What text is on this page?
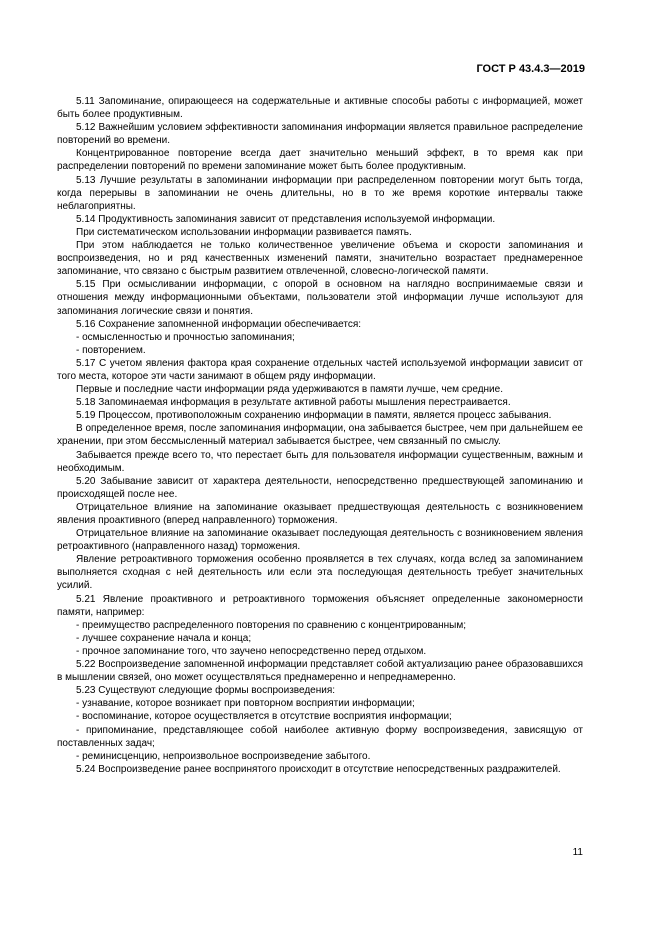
ГОСТ Р 43.4.3—2019

5.11 Запоминание, опирающееся на содержательные и активные способы работы с информацией, может быть более продуктивным.

5.12 Важнейшим условием эффективности запоминания информации является правильное распределение повторений во времени.

Концентрированное повторение всегда дает значительно меньший эффект, в то время как при распределении повторений по времени запоминание может быть более продуктивным.

5.13 Лучшие результаты в запоминании информации при распределенном повторении могут быть тогда, когда перерывы в запоминании не очень длительны, но в то же время короткие интервалы также неблагоприятны.

5.14 Продуктивность запоминания зависит от представления используемой информации.

При систематическом использовании информации развивается память.

При этом наблюдается не только количественное увеличение объема и скорости запоминания и воспроизведения, но и ряд качественных изменений памяти, значительно возрастает преднамеренное запоминание, что связано с быстрым развитием отвлеченной, словесно-логической памяти.

5.15 При осмысливании информации, с опорой в основном на наглядно воспринимаемые связи и отношения между информационными объектами, пользователи этой информации лучше используют для запоминания логические связи и понятия.

5.16 Сохранение запомненной информации обеспечивается:

- осмысленностью и прочностью запоминания;

- повторением.

5.17 С учетом явления фактора края сохранение отдельных частей используемой информации зависит от того места, которое эти части занимают в общем ряду информации.

Первые и последние части информации ряда удерживаются в памяти лучше, чем средние.

5.18 Запоминаемая информация в результате активной работы мышления перестраивается.

5.19 Процессом, противоположным сохранению информации в памяти, является процесс забывания.

В определенное время, после запоминания информации, она забывается быстрее, чем при дальнейшем ее хранении, при этом бессмысленный материал забывается быстрее, чем связанный по смыслу.

Забывается прежде всего то, что перестает быть для пользователя информации существенным, важным и необходимым.

5.20 Забывание зависит от характера деятельности, непосредственно предшествующей запоминанию и происходящей после нее.

Отрицательное влияние на запоминание оказывает предшествующая деятельность с возникновением явления проактивного (вперед направленного) торможения.

Отрицательное влияние на запоминание оказывает последующая деятельность с возникновением явления ретроактивного (направленного назад) торможения.

Явление ретроактивного торможения особенно проявляется в тех случаях, когда вслед за запоминанием выполняется сходная с ней деятельность или если эта последующая деятельность требует значительных усилий.

5.21 Явление проактивного и ретроактивного торможения объясняет определенные закономерности памяти, например:

- преимущество распределенного повторения по сравнению с концентрированным;

- лучшее сохранение начала и конца;

- прочное запоминание того, что заучено непосредственно перед отдыхом.

5.22 Воспроизведение запомненной информации представляет собой актуализацию ранее образовавшихся в мышлении связей, оно может осуществляться преднамеренно и непреднамеренно.

5.23 Существуют следующие формы воспроизведения:

- узнавание, которое возникает при повторном восприятии информации;

- воспоминание, которое осуществляется в отсутствие восприятия информации;

- припоминание, представляющее собой наиболее активную форму воспроизведения, зависящую от поставленных задач;

- реминисценцию, непроизвольное воспроизведение забытого.

5.24 Воспроизведение ранее воспринятого происходит в отсутствие непосредственных раздражителей.

11
